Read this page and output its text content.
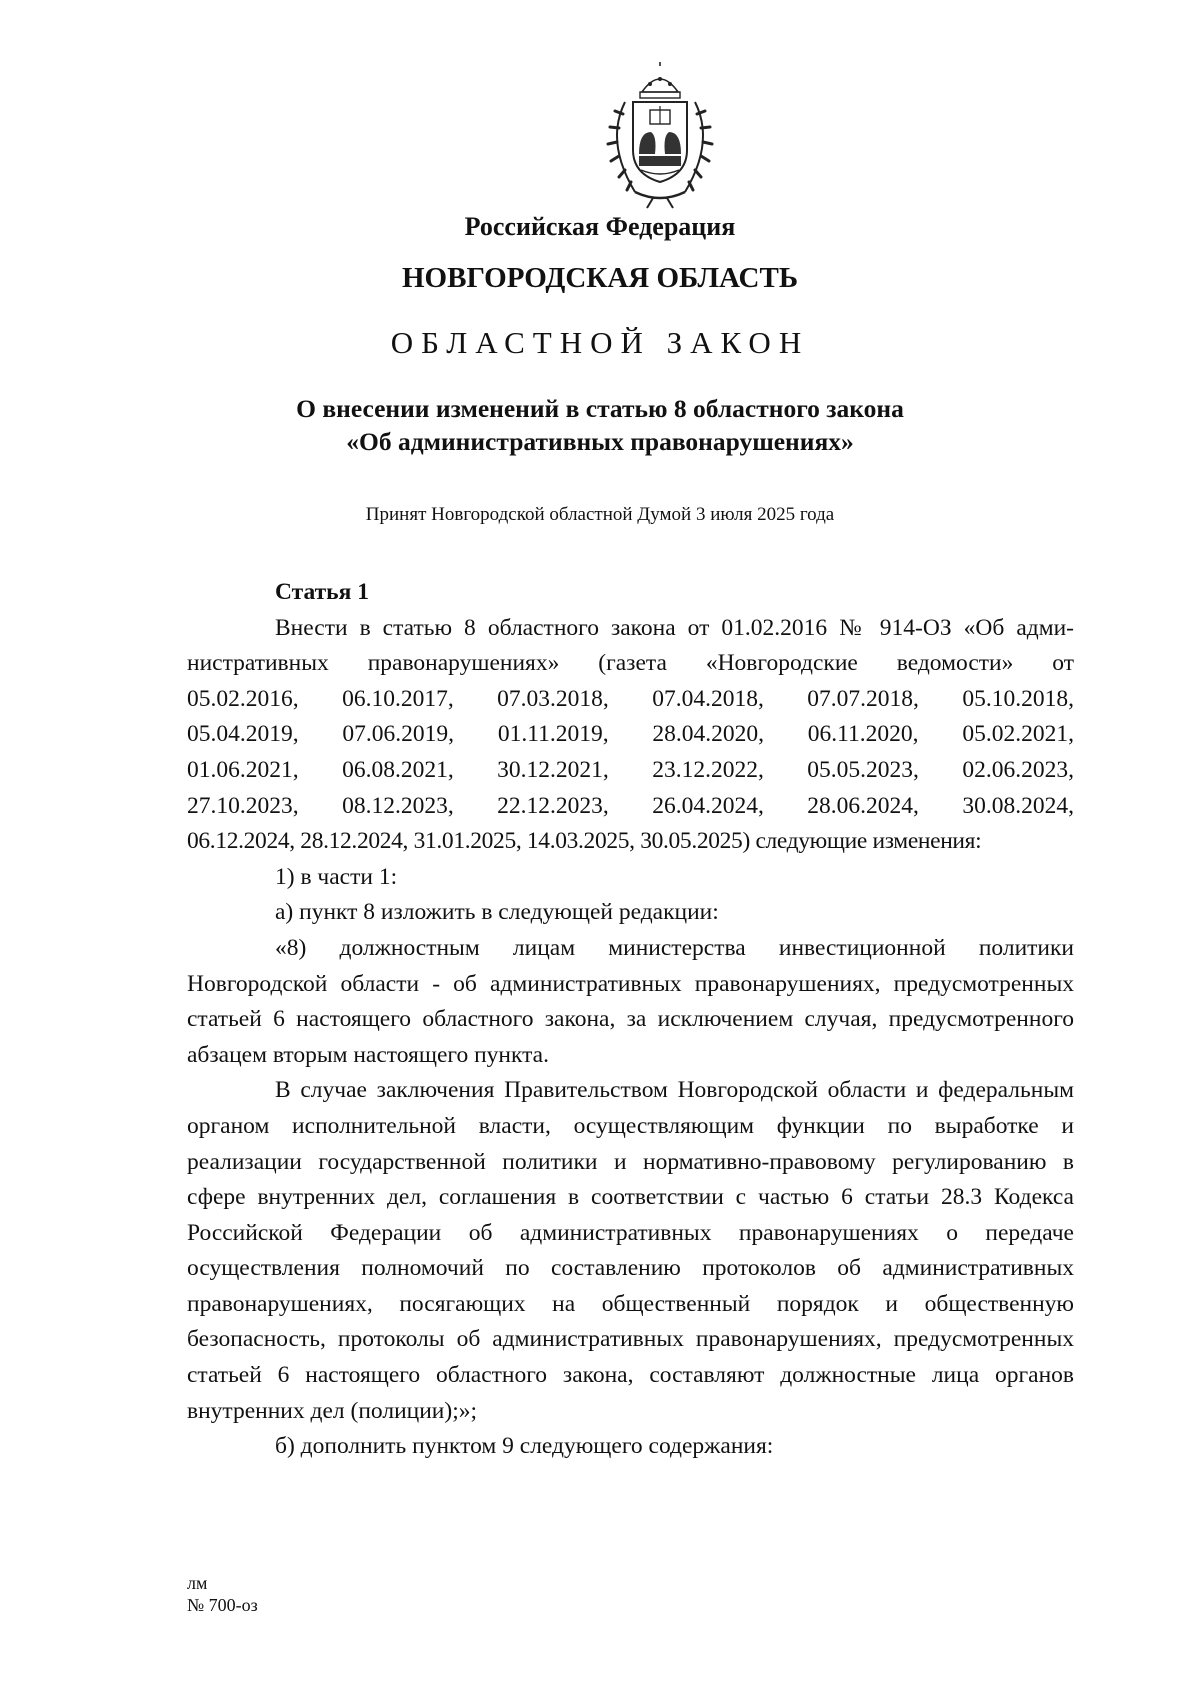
Российская Федерация
НОВГОРОДСКАЯ ОБЛАСТЬ
ОБЛАСТНОЙ ЗАКОН
О внесении изменений в статью 8 областного закона
«Об административных правонарушениях»
Принят Новгородской областной Думой 3 июля 2025 года

Статья 1

Внести в статью 8 областного закона от 01.02.2016 № 914-ОЗ «Об адми-

нистративных правонарушениях» (газета «Новгородские ведомости» от

05.02.2016, 06.10.2017, 07.03.2018, 07.04.2018, 07.07.2018, 05.10.2018,
05.04.2019, 07.06.2019, 01.11.2019, 28.04.2020, 06.11.2020, 05.02.2021,
01.06.2021, 06.08.2021, 30.12.2021, 23.12.2022, 05.05.2023, 02.06.2023,
27.10.2023, 08.12.2023, 22.12.2023, 26.04.2024, 28.06.2024, 30.08.2024,

06.12.2024, 28.12.2024, 31.01.2025, 14.03.2025, 30.05.2025) следующие изменения:

1) в части 1:

а) пункт 8 изложить в следующей редакции:

«8) должностным лицам министерства инвестиционной политики Новгородской области - об административных правонарушениях, предусмотренных статьей 6 настоящего областного закона, за исключением случая, предусмотренного абзацем вторым настоящего пункта.

В случае заключения Правительством Новгородской области и федеральным органом исполнительной власти, осуществляющим функции по выработке и реализации государственной политики и нормативно-правовому регулированию в сфере внутренних дел, соглашения в соответствии с частью 6 статьи 28.3 Кодекса Российской Федерации об административных правонарушениях о передаче осуществления полномочий по составлению протоколов об административных правонарушениях, посягающих на общественный порядок и общественную безопасность, протоколы об административных правонарушениях, предусмотренных статьей 6 настоящего областного закона, составляют должностные лица органов внутренних дел (полиции);»;

б) дополнить пунктом 9 следующего содержания:

лм
№ 700-оз
